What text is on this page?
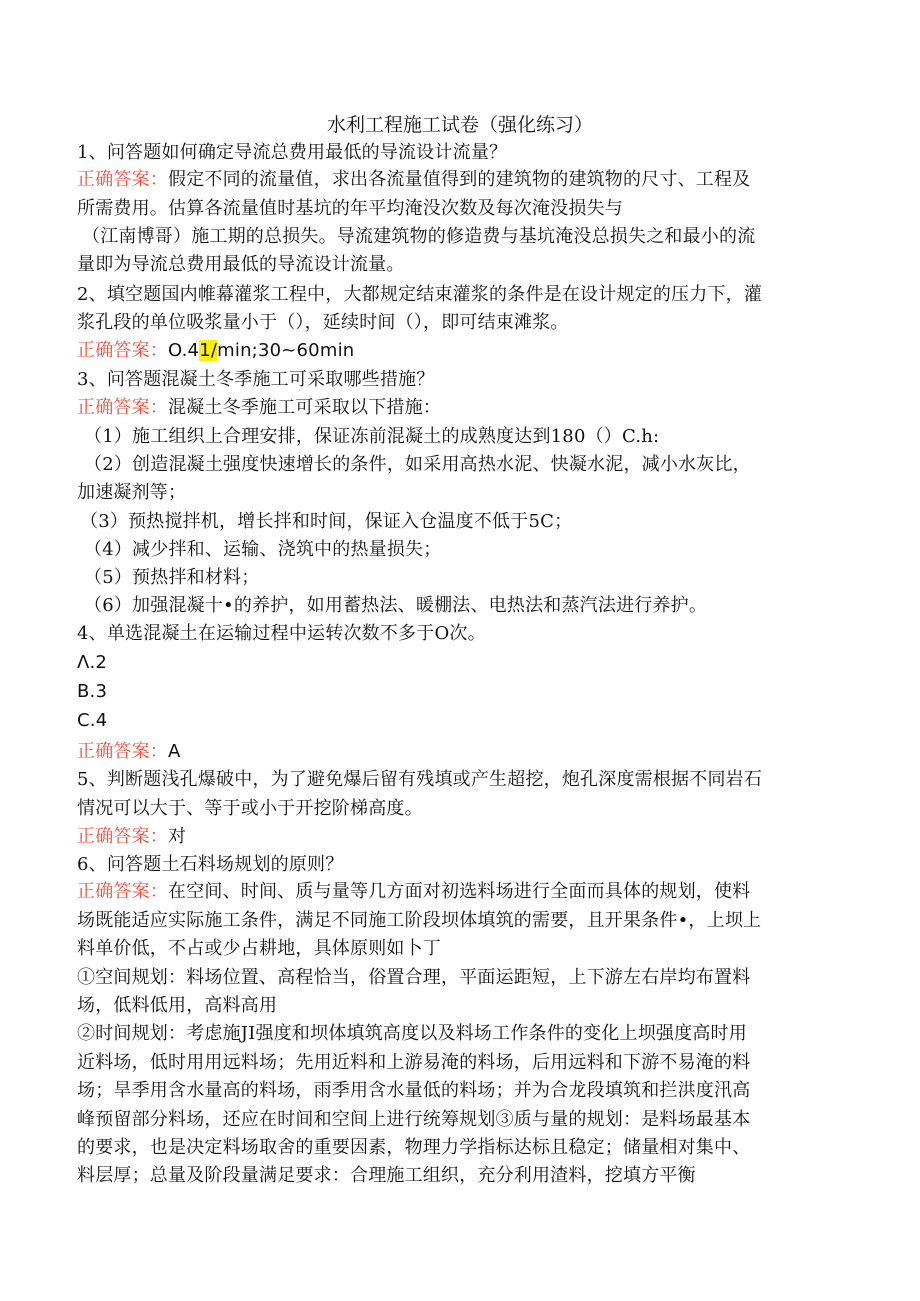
水利工程施工试卷（强化练习）
1、问答题如何确定导流总费用最低的导流设计流量？
正确答案：假定不同的流量值，求出各流量值得到的建筑物的建筑物的尺寸、工程及
所需费用。估算各流量值时基坑的年平均淹没次数及每次淹没损失与
（江南博哥）施工期的总损失。导流建筑物的修造费与基坑淹没总损失之和最小的流
量即为导流总费用最低的导流设计流量。
2、填空题国内帷幕灌浆工程中，大都规定结束灌浆的条件是在设计规定的压力下，灌
浆孔段的单位吸浆量小于（），延续时间（），即可结束滩浆。
正确答案：O.41/min;30~60min
3、问答题混凝土冬季施工可采取哪些措施？
正确答案：混凝土冬季施工可采取以下措施：
（1）施工组织上合理安排，保证冻前混凝土的成熟度达到180（）C.h:
（2）创造混凝土强度快速增长的条件，如采用高热水泥、快凝水泥，减小水灰比，
加速凝剂等；
（3）预热搅拌机，增长拌和时间，保证入仓温度不低于5C；
（4）减少拌和、运输、浇筑中的热量损失；
（5）预热拌和材料；
（6）加强混凝十•的养护，如用蓄热法、暖棚法、电热法和蒸汽法进行养护。
4、单选混凝土在运输过程中运转次数不多于O次。
Λ.2
B.3
C.4
正确答案：A
5、判断题浅孔爆破中，为了避免爆后留有残填或产生超挖，炮孔深度需根据不同岩石
情况可以大于、等于或小于开挖阶梯高度。
正确答案：对
6、问答题土石料场规划的原则？
正确答案：在空间、时间、质与量等几方面对初选料场进行全面而具体的规划，使料
场既能适应实际施工条件，满足不同施工阶段坝体填筑的需要，且开果条件•，上坝上
料单价低，不占或少占耕地，具体原则如卜丁
①空间规划：料场位置、高程恰当，俗置合理，平面运距短，上下游左右岸均布置料
场，低料低用，高料高用
②时间规划：考虑施JI强度和坝体填筑高度以及料场工作条件的变化上坝强度高时用
近料场，低时用用远料场；先用近料和上游易淹的料场，后用远料和下游不易淹的料
场；旱季用含水量高的料场，雨季用含水量低的料场；并为合龙段填筑和拦洪度汛高
峰预留部分料场，还应在时间和空间上进行统筹规划③质与量的规划：是料场最基本
的要求，也是决定料场取舍的重要因素，物理力学指标达标且稳定；储量相对集中、
料层厚；总量及阶段量满足要求：合理施工组织，充分利用渣料，挖填方平衡
